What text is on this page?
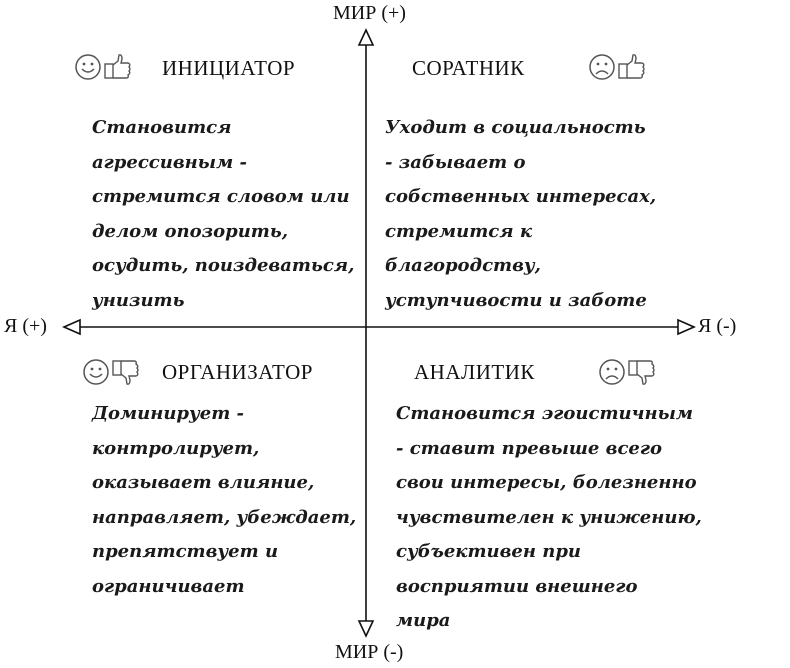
МИР (+)
МИР (-)
Я (+)	Я (-)
ИНИЦИАТОР
Становится
агрессивным -
стремится словом или
делом опозорить,
осудить, поиздеваться,
унизить
СОРАТНИК
Уходит в социальность
- забывает о
собственных интересах,
стремится к
благородству,
уступчивости и заботе
ОРГАНИЗАТОР
Доминирует -
контролирует,
оказывает влияние,
направляет, убеждает,
препятствует и
ограничивает
АНАЛИТИК
Становится эгоистичным
- ставит превыше всего
свои интересы, болезненно
чувствителен к унижению,
субъективен при
восприятии внешнего
мира
